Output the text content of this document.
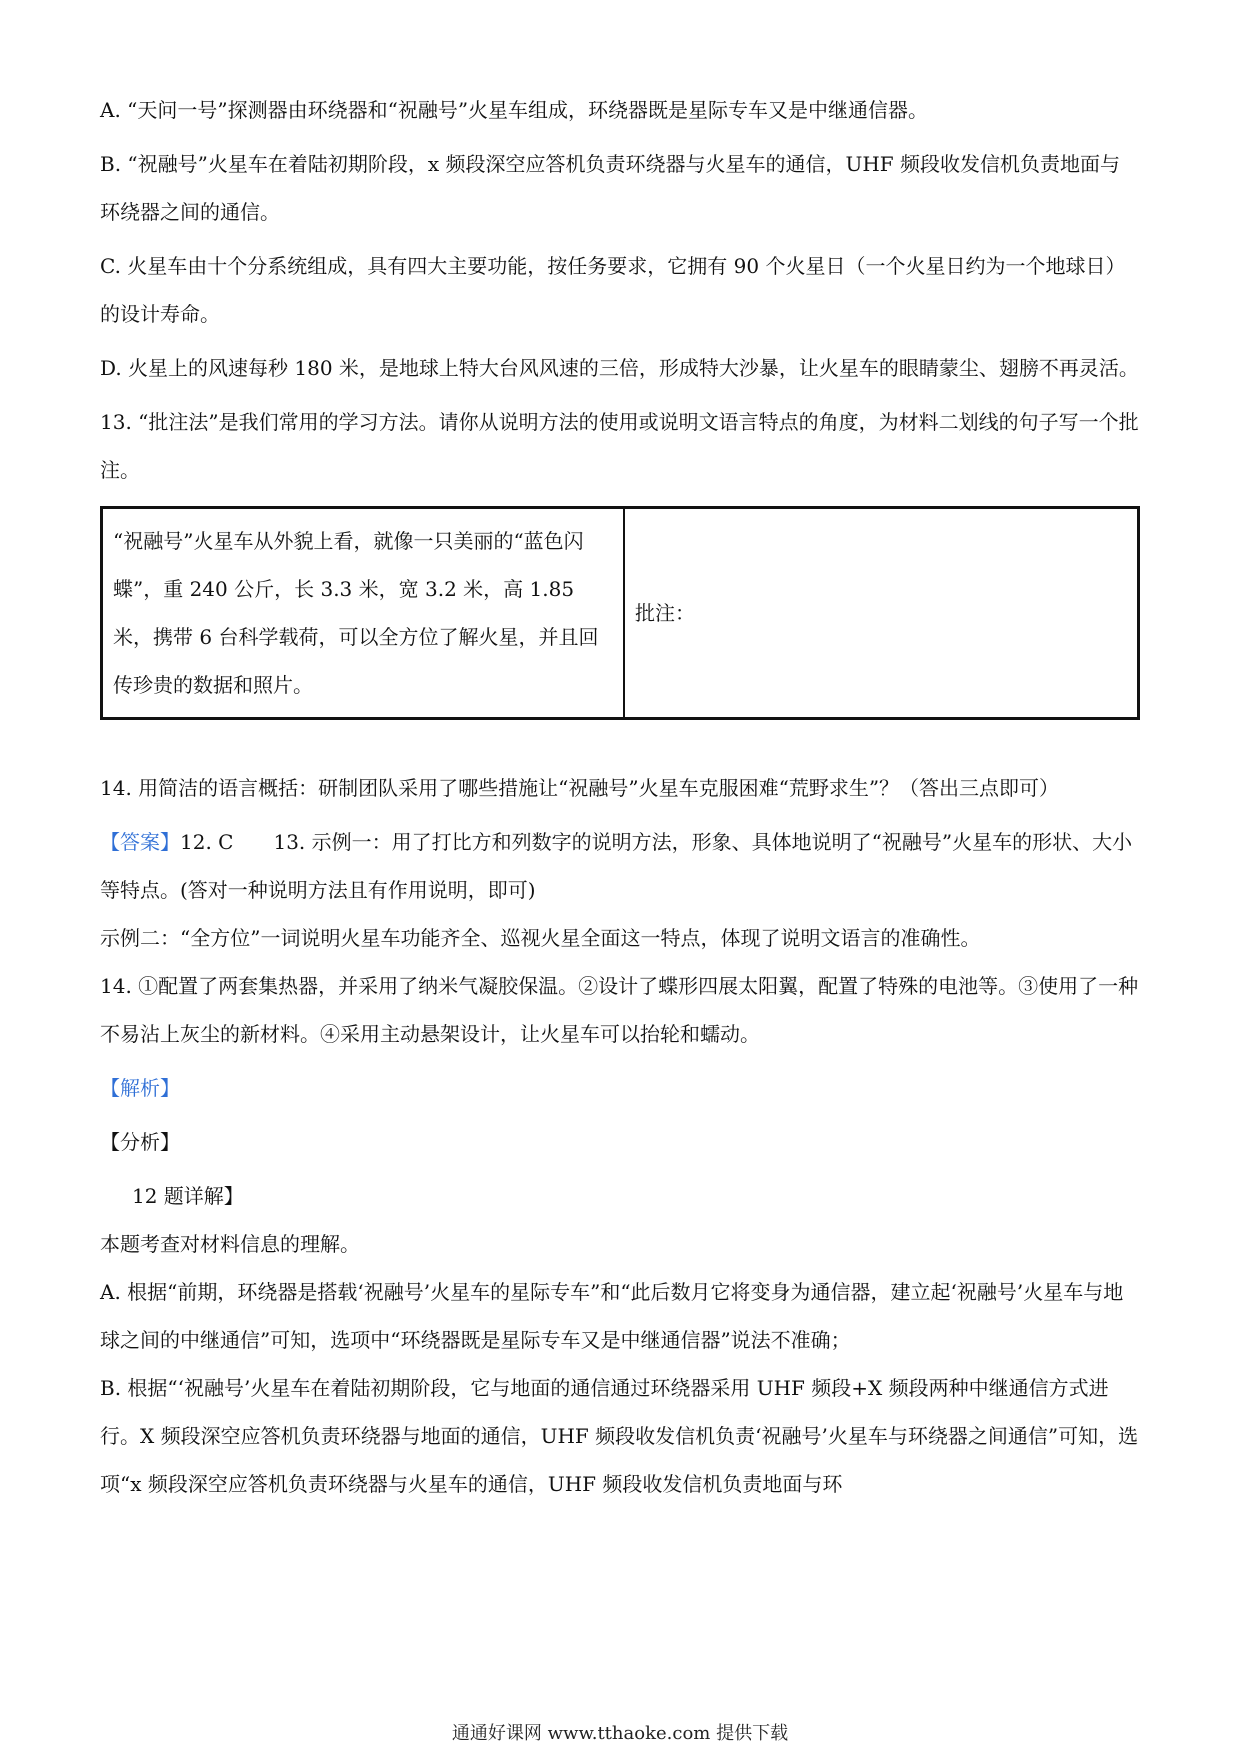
A. “天问一号”探测器由环绕器和“祝融号”火星车组成，环绕器既是星际专车又是中继通信器。

B. “祝融号”火星车在着陆初期阶段，x 频段深空应答机负责环绕器与火星车的通信，UHF 频段收发信机负责地面与环绕器之间的通信。

C. 火星车由十个分系统组成，具有四大主要功能，按任务要求，它拥有 90 个火星日（一个火星日约为一个地球日）的设计寿命。

D. 火星上的风速每秒 180 米，是地球上特大台风风速的三倍，形成特大沙暴，让火星车的眼睛蒙尘、翅膀不再灵活。

13. “批注法”是我们常用的学习方法。请你从说明方法的使用或说明文语言特点的角度，为材料二划线的句子写一个批注。

“祝融号”火星车从外貌上看，就像一只美丽的“蓝色闪蝶”，重 240 公斤，长 3.3 米，宽 3.2 米，高 1.85 米，携带 6 台科学载荷，可以全方位了解火星，并且回传珍贵的数据和照片。	批注：

14. 用简洁的语言概括：研制团队采用了哪些措施让“祝融号”火星车克服困难“荒野求生”？（答出三点即可）

【答案】12. C　　13. 示例一：用了打比方和列数字的说明方法，形象、具体地说明了“祝融号”火星车的形状、大小等特点。(答对一种说明方法且有作用说明，即可)

示例二：“全方位”一词说明火星车功能齐全、巡视火星全面这一特点，体现了说明文语言的准确性。

14. ①配置了两套集热器，并采用了纳米气凝胶保温。②设计了蝶形四展太阳翼，配置了特殊的电池等。③使用了一种不易沾上灰尘的新材料。④采用主动悬架设计，让火星车可以抬轮和蠕动。

【解析】

【分析】

12 题详解】

本题考查对材料信息的理解。

A. 根据“前期，环绕器是搭载‘祝融号’火星车的星际专车”和“此后数月它将变身为通信器，建立起‘祝融号’火星车与地球之间的中继通信”可知，选项中“环绕器既是星际专车又是中继通信器”说法不准确；

B. 根据“‘祝融号’火星车在着陆初期阶段，它与地面的通信通过环绕器采用 UHF 频段+X 频段两种中继通信方式进行。X 频段深空应答机负责环绕器与地面的通信，UHF 频段收发信机负责‘祝融号’火星车与环绕器之间通信”可知，选项“x 频段深空应答机负责环绕器与火星车的通信，UHF 频段收发信机负责地面与环

通通好课网 www.tthaoke.com 提供下载
